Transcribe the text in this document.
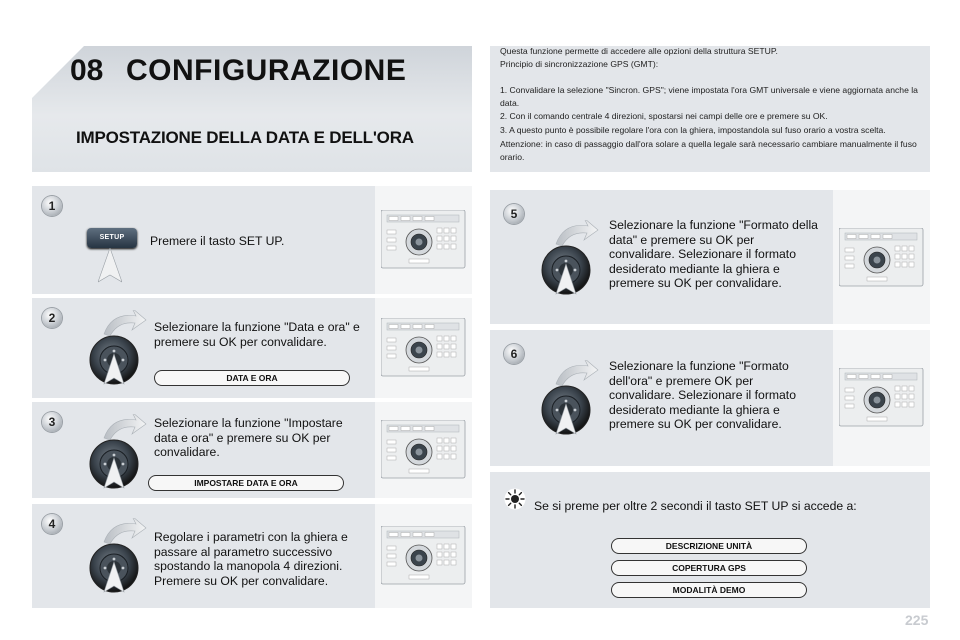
08 CONFIGURAZIONE
IMPOSTAZIONE DELLA DATA E DELL'ORA
Questa funzione permette di accedere alle opzioni della struttura SETUP.
Principio di sincronizzazione GPS (GMT):
1. Convalidare la selezione "Sincron. GPS"; viene impostata l'ora GMT universale e viene aggiornata anche la data.
2. Con il comando centrale 4 direzioni, spostarsi nei campi delle ore e premere su OK.
3. A questo punto è possibile regolare l'ora con la ghiera, impostandola sul fuso orario a vostra scelta.
Attenzione: in caso di passaggio dall'ora solare a quella legale sarà necessario cambiare manualmente il fuso orario.
1
SETUP	Premere il tasto SET UP.
2
Selezionare la funzione "Data e ora" e premere su OK per convalidare.
DATA E ORA
3	Selezionare la funzione "Impostare data e ora" e premere su OK per convalidare.
IMPOSTARE DATA E ORA
4
Regolare i parametri con la ghiera e passare al parametro successivo spostando la manopola 4 direzioni. Premere su OK per convalidare.
5
Selezionare la funzione "Formato della data" e premere su OK per convalidare. Selezionare il formato desiderato mediante la ghiera e premere su OK per convalidare.
6
Selezionare la funzione "Formato dell'ora" e premere OK per convalidare. Selezionare il formato desiderato mediante la ghiera e premere su OK per convalidare.
Se si preme per oltre 2 secondi il tasto SET UP si accede a:
DESCRIZIONE UNITÀ
COPERTURA GPS
MODALITÀ DEMO
225
